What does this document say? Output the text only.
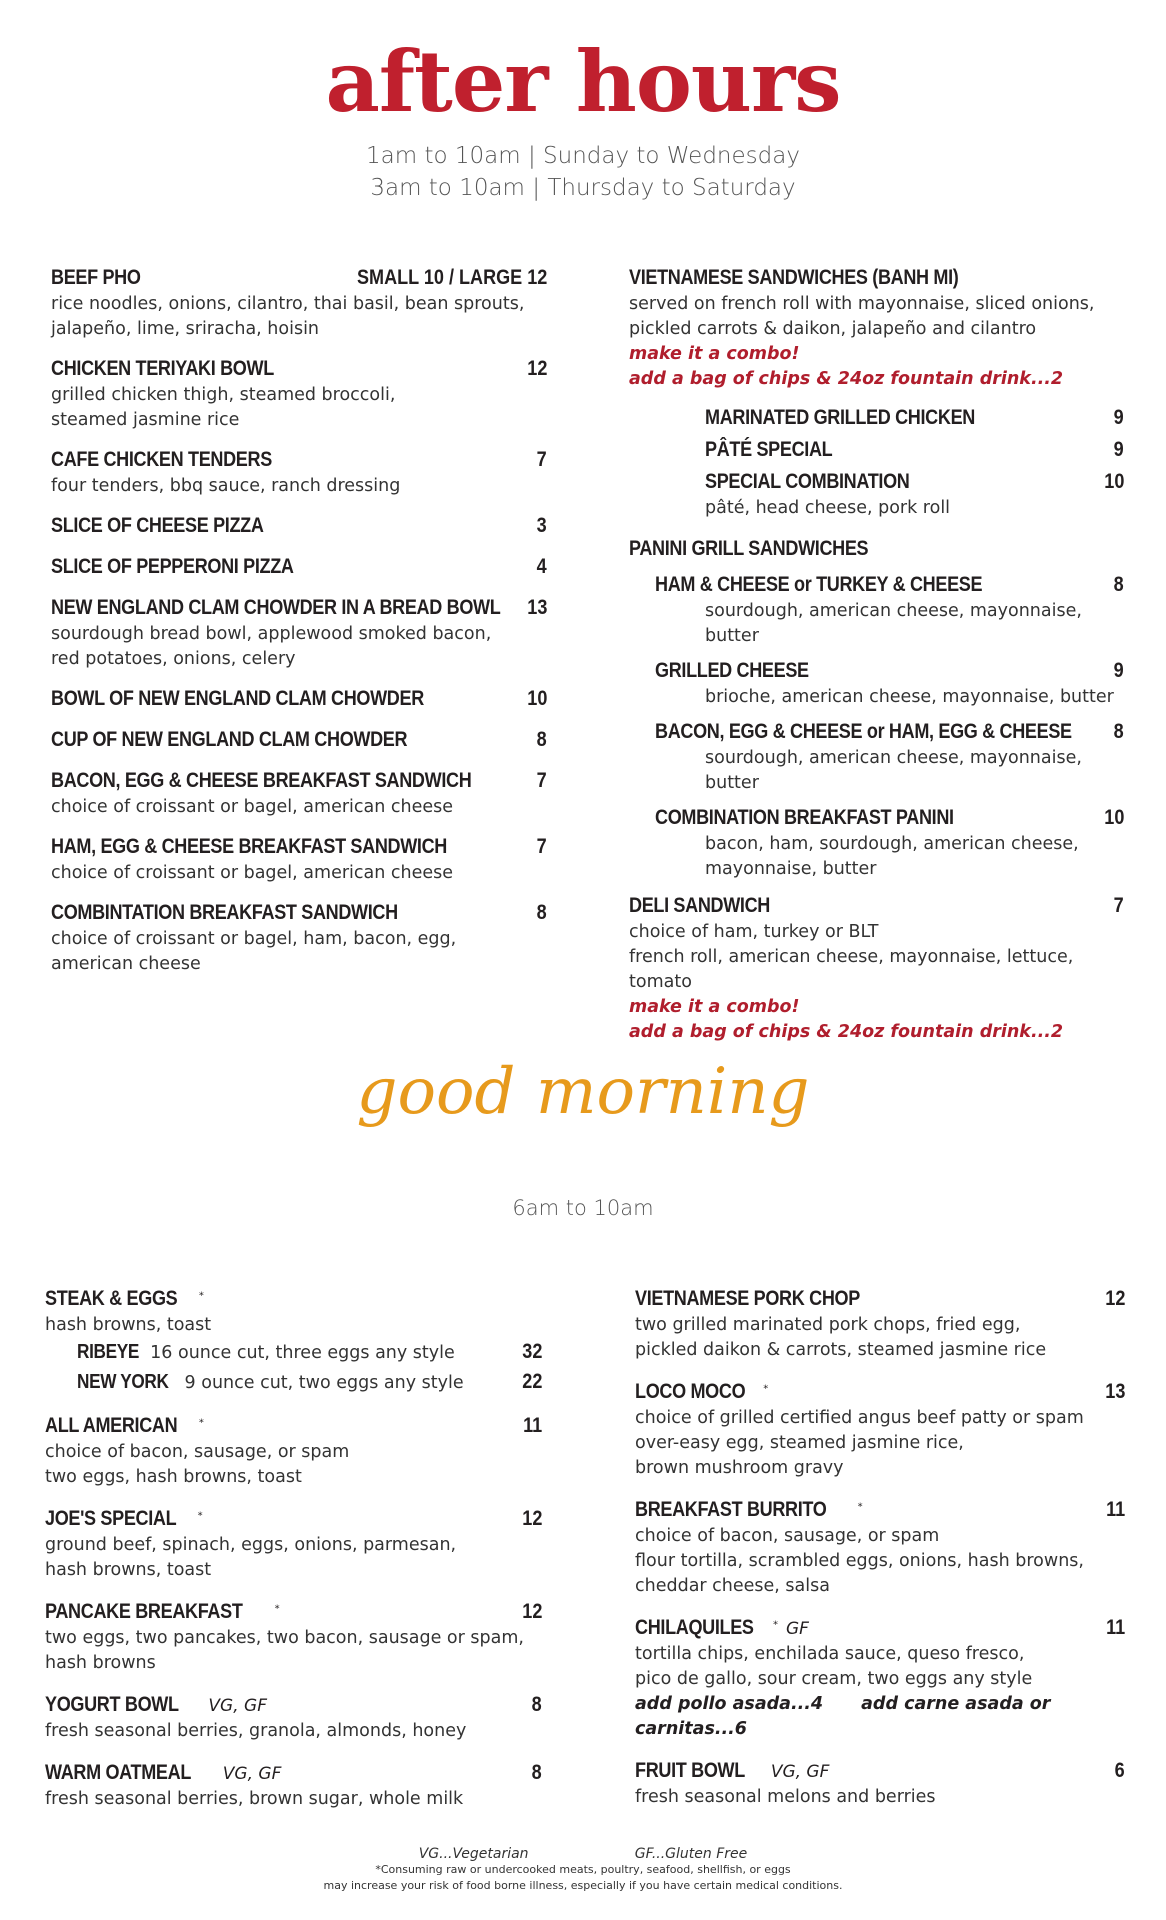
after hours
1am to 10am | Sunday to Wednesday
3am to 10am | Thursday to Saturday
BEEF PHO	SMALL 10 / LARGE 12
rice noodles, onions, cilantro, thai basil, bean sprouts,
jalapeño, lime, sriracha, hoisin
CHICKEN TERIYAKI BOWL	12
grilled chicken thigh, steamed broccoli,
steamed jasmine rice
CAFE CHICKEN TENDERS	7
four tenders, bbq sauce, ranch dressing
SLICE OF CHEESE PIZZA	3
SLICE OF PEPPERONI PIZZA	4
NEW ENGLAND CLAM CHOWDER IN A BREAD BOWL 13
sourdough bread bowl, applewood smoked bacon,
red potatoes, onions, celery
BOWL OF NEW ENGLAND CLAM CHOWDER	10
CUP OF NEW ENGLAND CLAM CHOWDER	8
BACON, EGG & CHEESE BREAKFAST SANDWICH	7
choice of croissant or bagel, american cheese
HAM, EGG & CHEESE BREAKFAST SANDWICH	7
choice of croissant or bagel, american cheese
COMBINTATION BREAKFAST SANDWICH	8
choice of croissant or bagel, ham, bacon, egg,
american cheese
VIETNAMESE SANDWICHES (BANH MI)
served on french roll with mayonnaise, sliced onions,
pickled carrots & daikon, jalapeño and cilantro
make it a combo!
add a bag of chips & 24oz fountain drink...2
MARINATED GRILLED CHICKEN	9
PÂTÉ SPECIAL	9
SPECIAL COMBINATION	10
pâté, head cheese, pork roll
PANINI GRILL SANDWICHES
HAM & CHEESE or TURKEY & CHEESE	8
sourdough, american cheese, mayonnaise, butter
GRILLED CHEESE	9
brioche, american cheese, mayonnaise, butter
BACON, EGG & CHEESE or HAM, EGG & CHEESE 8
sourdough, american cheese, mayonnaise, butter
COMBINATION BREAKFAST PANINI	10
bacon, ham, sourdough, american cheese,
mayonnaise, butter
DELI SANDWICH	7
choice of ham, turkey or BLT
french roll, american cheese, mayonnaise, lettuce, tomato
make it a combo!
add a bag of chips & 24oz fountain drink...2
good morning
6am to 10am
STEAK & EGGS *
hash browns, toast
RIBEYE 16 ounce cut, three eggs any style	32
NEW YORK 9 ounce cut, two eggs any style	22
ALL AMERICAN *	11
choice of bacon, sausage, or spam
two eggs, hash browns, toast
JOE'S SPECIAL *	12
ground beef, spinach, eggs, onions, parmesan,
hash browns, toast
PANCAKE BREAKFAST	*	12
two eggs, two pancakes, two bacon, sausage or spam,
hash browns
YOGURT BOWL VG, GF	8
fresh seasonal berries, granola, almonds, honey
WARM OATMEAL VG, GF	8
fresh seasonal berries, brown sugar, whole milk
VIETNAMESE PORK CHOP	12
two grilled marinated pork chops, fried egg,
pickled daikon & carrots, steamed jasmine rice
LOCO MOCO *	13
choice of grilled certified angus beef patty or spam
over-easy egg, steamed jasmine rice,
brown mushroom gravy
BREAKFAST BURRITO	*	11
choice of bacon, sausage, or spam
flour tortilla, scrambled eggs, onions, hash browns,
cheddar cheese, salsa
CHILAQUILES * GF	11
tortilla chips, enchilada sauce, queso fresco,
pico de gallo, sour cream, two eggs any style
add pollo asada...4 add carne asada or carnitas...6
FRUIT BOWL VG, GF	6
fresh seasonal melons and berries
VG...Vegetarian	GF...Gluten Free
*Consuming raw or undercooked meats, poultry, seafood, shellfish, or eggs
may increase your risk of food borne illness, especially if you have certain medical conditions.
